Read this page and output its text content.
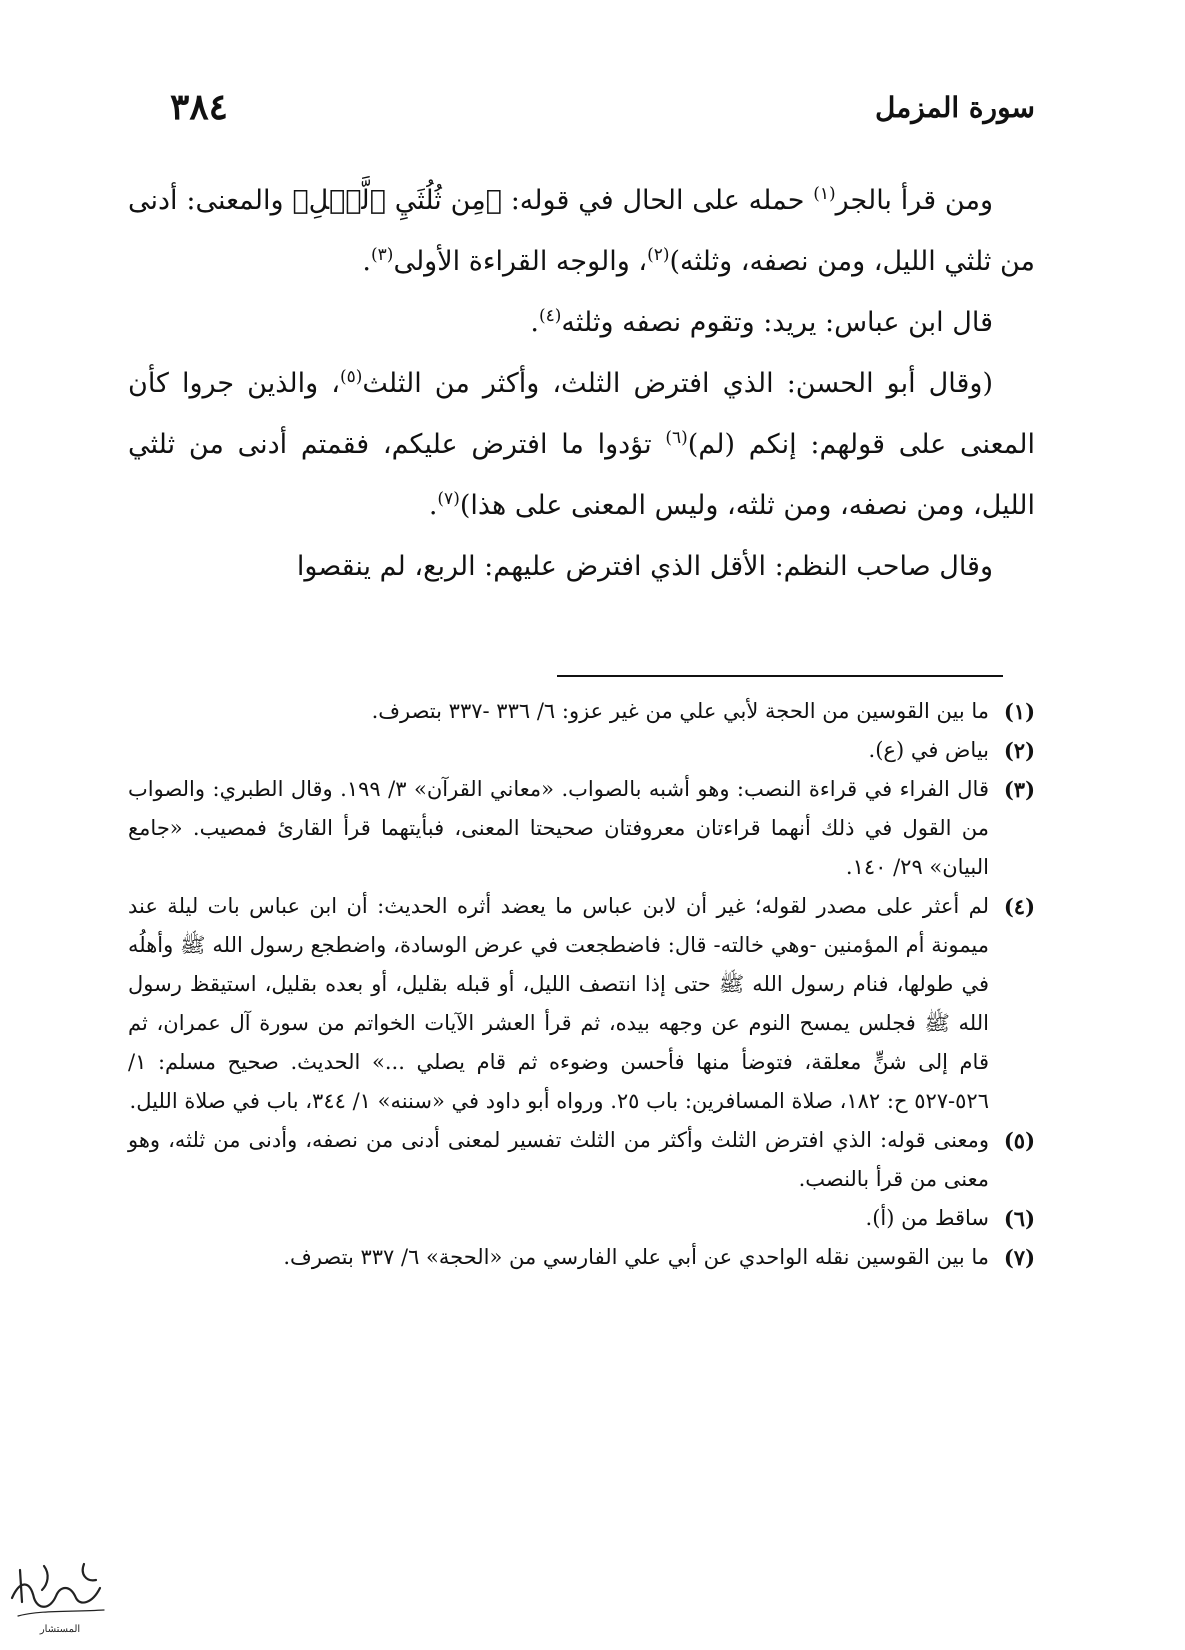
سورة المزمل
٣٨٤

ومن قرأ بالجر$^{(١)}$ حمله على الحال في قوله: ﴿مِن ثُلُثَيِ ٱلَّيۡلِ﴾ والمعنى: أدنى من ثلثي الليل، ومن نصفه، وثلثه)$^{(٢)}$، والوجه القراءة الأولى$^{(٣)}$.

قال ابن عباس: يريد: وتقوم نصفه وثلثه$^{(٤)}$.

(وقال أبو الحسن: الذي افترض الثلث، وأكثر من الثلث$^{(٥)}$، والذين جروا كأن المعنى على قولهم: إنكم (لم)$^{(٦)}$ تؤدوا ما افترض عليكم، فقمتم أدنى من ثلثي الليل، ومن نصفه، ومن ثلثه، وليس المعنى على هذا)$^{(٧)}$.

وقال صاحب النظم: الأقل الذي افترض عليهم: الربع، لم ينقصوا

(١)
ما بين القوسين من الحجة لأبي علي من غير عزو: ٦/ ٣٣٦ -٣٣٧ بتصرف.
(٢)
بياض في (ع).
(٣)
قال الفراء في قراءة النصب: وهو أشبه بالصواب. «معاني القرآن» ٣/ ١٩٩. وقال الطبري: والصواب من القول في ذلك أنهما قراءتان معروفتان صحيحتا المعنى، فبأيتهما قرأ القارئ فمصيب. «جامع البيان» ٢٩/ ١٤٠.
(٤)
لم أعثر على مصدر لقوله؛ غير أن لابن عباس ما يعضد أثره الحديث: أن ابن عباس بات ليلة عند ميمونة أم المؤمنين -وهي خالته- قال: فاضطجعت في عرض الوسادة، واضطجع رسول الله ﷺ وأهلُه في طولها، فنام رسول الله ﷺ حتى إذا انتصف الليل، أو قبله بقليل، أو بعده بقليل، استيقظ رسول الله ﷺ فجلس يمسح النوم عن وجهه بيده، ثم قرأ العشر الآيات الخواتم من سورة آل عمران، ثم قام إلى شنٍّ معلقة، فتوضأ منها فأحسن وضوءه ثم قام يصلي ...» الحديث. صحيح مسلم: ١/ ٥٢٦-٥٢٧ ح: ١٨٢، صلاة المسافرين: باب ٢٥. ورواه أبو داود في «سننه» ١/ ٣٤٤، باب في صلاة الليل.
(٥)
ومعنى قوله: الذي افترض الثلث وأكثر من الثلث تفسير لمعنى أدنى من نصفه، وأدنى من ثلثه، وهو معنى من قرأ بالنصب.
(٦)
ساقط من (أ).
(٧)
ما بين القوسين نقله الواحدي عن أبي علي الفارسي من «الحجة» ٦/ ٣٣٧ بتصرف.
المستشار
